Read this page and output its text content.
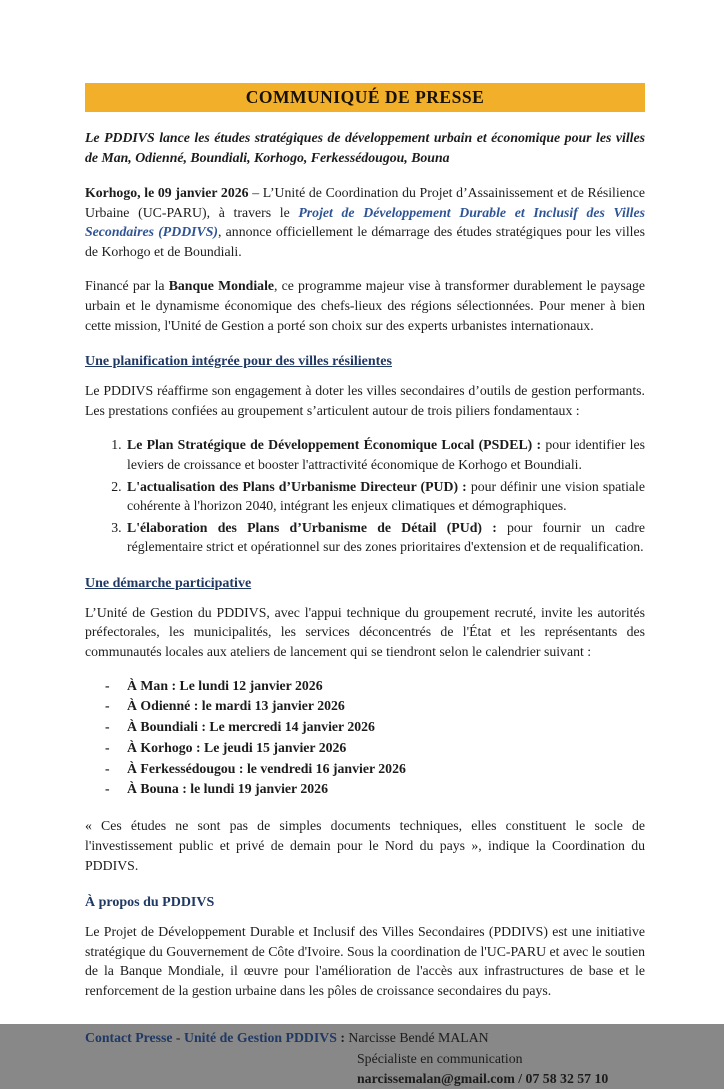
COMMUNIQUÉ DE PRESSE

Le PDDIVS lance les études stratégiques de développement urbain et économique pour les villes de Man, Odienné, Boundiali, Korhogo, Ferkessédougou, Bouna

Korhogo, le 09 janvier 2026 – L’Unité de Coordination du Projet d’Assainissement et de Résilience Urbaine (UC-PARU), à travers le Projet de Développement Durable et Inclusif des Villes Secondaires (PDDIVS), annonce officiellement le démarrage des études stratégiques pour les villes de Korhogo et de Boundiali.

Financé par la Banque Mondiale, ce programme majeur vise à transformer durablement le paysage urbain et le dynamisme économique des chefs-lieux des régions sélectionnées. Pour mener à bien cette mission, l'Unité de Gestion a porté son choix sur des experts urbanistes internationaux.

Une planification intégrée pour des villes résilientes

Le PDDIVS réaffirme son engagement à doter les villes secondaires d’outils de gestion performants. Les prestations confiées au groupement s’articulent autour de trois piliers fondamentaux :

1. Le Plan Stratégique de Développement Économique Local (PSDEL) : pour identifier les leviers de croissance et booster l'attractivité économique de Korhogo et Boundiali.
2. L'actualisation des Plans d’Urbanisme Directeur (PUD) : pour définir une vision spatiale cohérente à l'horizon 2040, intégrant les enjeux climatiques et démographiques.
3. L'élaboration des Plans d’Urbanisme de Détail (PUd) : pour fournir un cadre réglementaire strict et opérationnel sur des zones prioritaires d'extension et de requalification.
Une démarche participative

L’Unité de Gestion du PDDIVS, avec l'appui technique du groupement recruté, invite les autorités préfectorales, les municipalités, les services déconcentrés de l'État et les représentants des communautés locales aux ateliers de lancement qui se tiendront selon le calendrier suivant :

-	À Man : Le lundi 12 janvier 2026
-	À Odienné : le mardi 13 janvier 2026
-	À Boundiali : Le mercredi 14 janvier 2026
-	À Korhogo : Le jeudi 15 janvier 2026
-	À Ferkessédougou : le vendredi 16 janvier 2026
-	À Bouna : le lundi 19 janvier 2026

« Ces études ne sont pas de simples documents techniques, elles constituent le socle de l'investissement public et privé de demain pour le Nord du pays », indique la Coordination du PDDIVS.

À propos du PDDIVS

Le Projet de Développement Durable et Inclusif des Villes Secondaires (PDDIVS) est une initiative stratégique du Gouvernement de Côte d'Ivoire. Sous la coordination de l'UC-PARU et avec le soutien de la Banque Mondiale, il œuvre pour l'amélioration de l'accès aux infrastructures de base et le renforcement de la gestion urbaine dans les pôles de croissance secondaires du pays.

Contact Presse - Unité de Gestion PDDIVS : Narcisse Bendé MALAN

Spécialiste en communication
narcissemalan@gmail.com / 07 58 32 57 10
